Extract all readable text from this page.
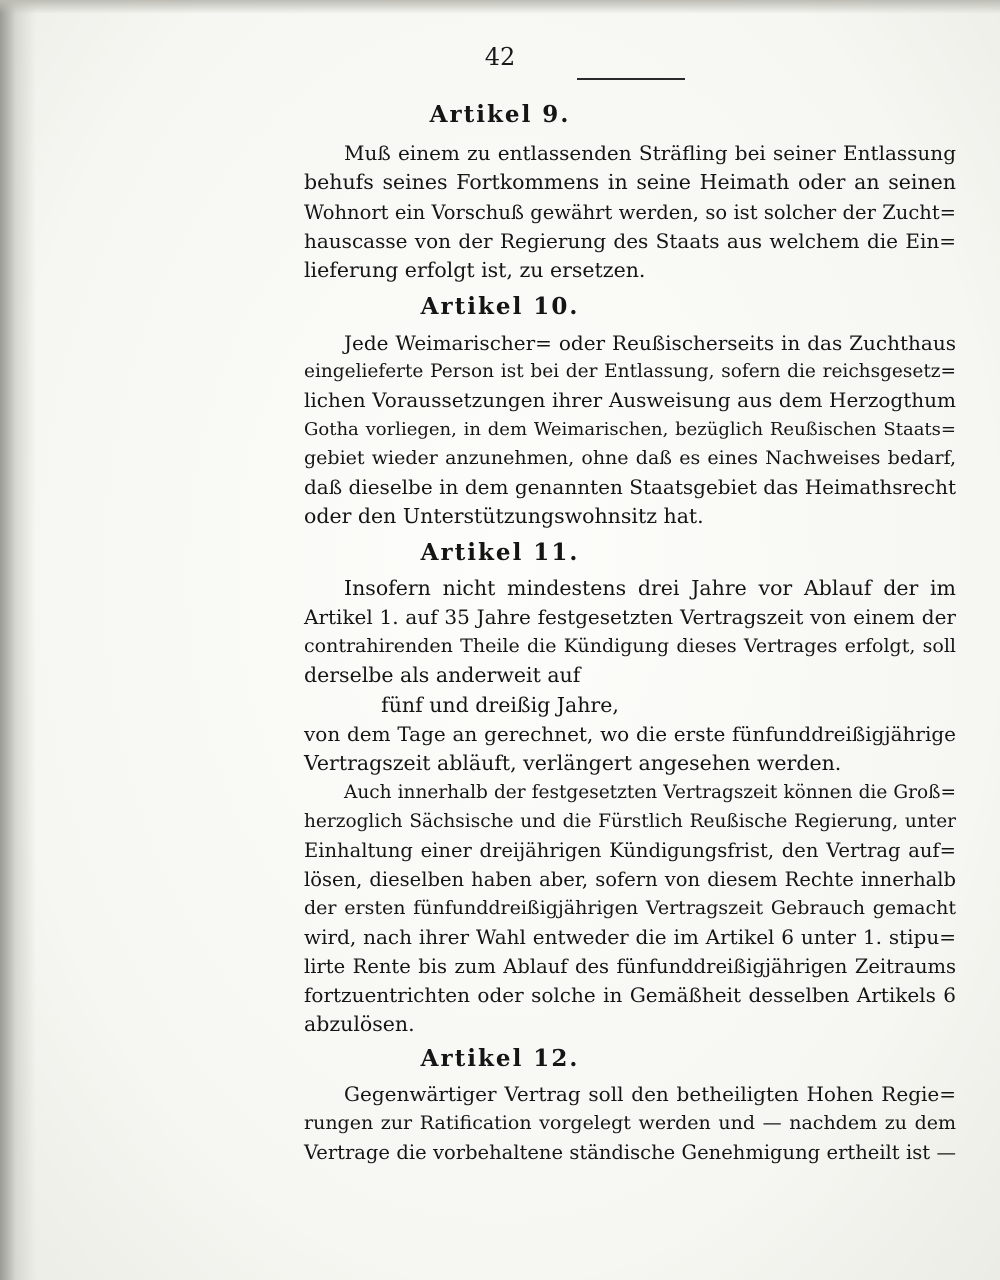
42
Artikel 9.
Muß einem zu entlassenden Sträfling bei seiner Entlassung
behufs seines Fortkommens in seine Heimath oder an seinen
Wohnort ein Vorschuß gewährt werden, so ist solcher der Zucht=
hauscasse von der Regierung des Staats aus welchem die Ein=
lieferung erfolgt ist, zu ersetzen.
Artikel 10.
Jede Weimarischer= oder Reußischerseits in das Zuchthaus
eingelieferte Person ist bei der Entlassung, sofern die reichsgesetz=
lichen Voraussetzungen ihrer Ausweisung aus dem Herzogthum
Gotha vorliegen, in dem Weimarischen, bezüglich Reußischen Staats=
gebiet wieder anzunehmen, ohne daß es eines Nachweises bedarf,
daß dieselbe in dem genannten Staatsgebiet das Heimathsrecht
oder den Unterstützungswohnsitz hat.
Artikel 11.
Insofern nicht mindestens drei Jahre vor Ablauf der im
Artikel 1. auf 35 Jahre festgesetzten Vertragszeit von einem der
contrahirenden Theile die Kündigung dieses Vertrages erfolgt, soll
derselbe als anderweit auf
fünf und dreißig Jahre,
von dem Tage an gerechnet, wo die erste fünfunddreißigjährige
Vertragszeit abläuft, verlängert angesehen werden.
Auch innerhalb der festgesetzten Vertragszeit können die Groß=
herzoglich Sächsische und die Fürstlich Reußische Regierung, unter
Einhaltung einer dreijährigen Kündigungsfrist, den Vertrag auf=
lösen, dieselben haben aber, sofern von diesem Rechte innerhalb
der ersten fünfunddreißigjährigen Vertragszeit Gebrauch gemacht
wird, nach ihrer Wahl entweder die im Artikel 6 unter 1. stipu=
lirte Rente bis zum Ablauf des fünfunddreißigjährigen Zeitraums
fortzuentrichten oder solche in Gemäßheit desselben Artikels 6
abzulösen.
Artikel 12.
Gegenwärtiger Vertrag soll den betheiligten Hohen Regie=
rungen zur Ratification vorgelegt werden und — nachdem zu dem
Vertrage die vorbehaltene ständische Genehmigung ertheilt ist —
